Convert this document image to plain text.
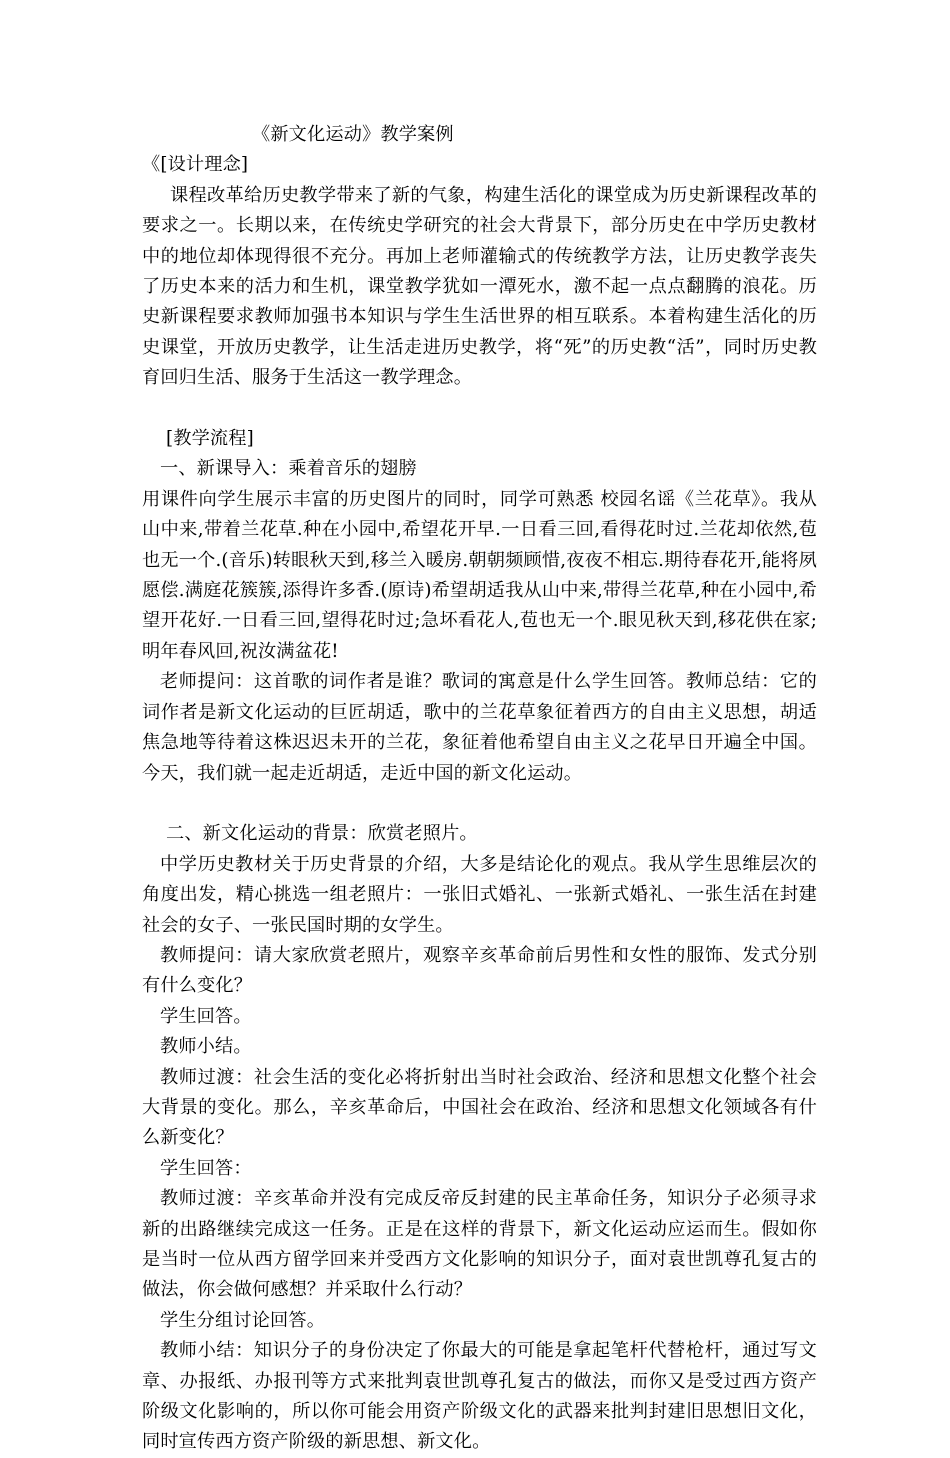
《新文化运动》教学案例

《[设计理念]

课程改革给历史教学带来了新的气象，构建生活化的课堂成为历史新课程改革的要求之一。长期以来，在传统史学研究的社会大背景下，部分历史在中学历史教材中的地位却体现得很不充分。再加上老师灌输式的传统教学方法，让历史教学丧失了历史本来的活力和生机，课堂教学犹如一潭死水，激不起一点点翻腾的浪花。历史新课程要求教师加强书本知识与学生生活世界的相互联系。本着构建生活化的历史课堂，开放历史教学，让生活走进历史教学，将“死”的历史教“活”，同时历史教育回归生活、服务于生活这一教学理念。

[教学流程]

一、新课导入：乘着音乐的翅膀

用课件向学生展示丰富的历史图片的同时，同学可熟悉 校园名谣《兰花草》。我从山中来,带着兰花草.种在小园中,希望花开早.一日看三回,看得花时过.兰花却依然,苞也无一个.(音乐)转眼秋天到,移兰入暖房.朝朝频顾惜,夜夜不相忘.期待春花开,能将夙愿偿.满庭花簇簇,添得许多香.(原诗)希望胡适我从山中来,带得兰花草,种在小园中,希望开花好.一日看三回,望得花时过;急坏看花人,苞也无一个.眼见秋天到,移花供在家;明年春风回,祝汝满盆花!

老师提问：这首歌的词作者是谁？歌词的寓意是什么学生回答。教师总结：它的词作者是新文化运动的巨匠胡适，歌中的兰花草象征着西方的自由主义思想，胡适焦急地等待着这株迟迟未开的兰花，象征着他希望自由主义之花早日开遍全中国。今天，我们就一起走近胡适，走近中国的新文化运动。

二、新文化运动的背景：欣赏老照片。

中学历史教材关于历史背景的介绍，大多是结论化的观点。我从学生思维层次的角度出发，精心挑选一组老照片：一张旧式婚礼、一张新式婚礼、一张生活在封建社会的女子、一张民国时期的女学生。

教师提问：请大家欣赏老照片，观察辛亥革命前后男性和女性的服饰、发式分别有什么变化？

学生回答。

教师小结。

教师过渡：社会生活的变化必将折射出当时社会政治、经济和思想文化整个社会大背景的变化。那么，辛亥革命后，中国社会在政治、经济和思想文化领域各有什么新变化？

学生回答：

教师过渡：辛亥革命并没有完成反帝反封建的民主革命任务，知识分子必须寻求新的出路继续完成这一任务。正是在这样的背景下，新文化运动应运而生。假如你是当时一位从西方留学回来并受西方文化影响的知识分子，面对袁世凯尊孔复古的做法，你会做何感想？并采取什么行动？

学生分组讨论回答。

教师小结：知识分子的身份决定了你最大的可能是拿起笔杆代替枪杆，通过写文章、办报纸、办报刊等方式来批判袁世凯尊孔复古的做法，而你又是受过西方资产阶级文化影响的，所以你可能会用资产阶级文化的武器来批判封建旧思想旧文化，同时宣传西方资产阶级的新思想、新文化。
